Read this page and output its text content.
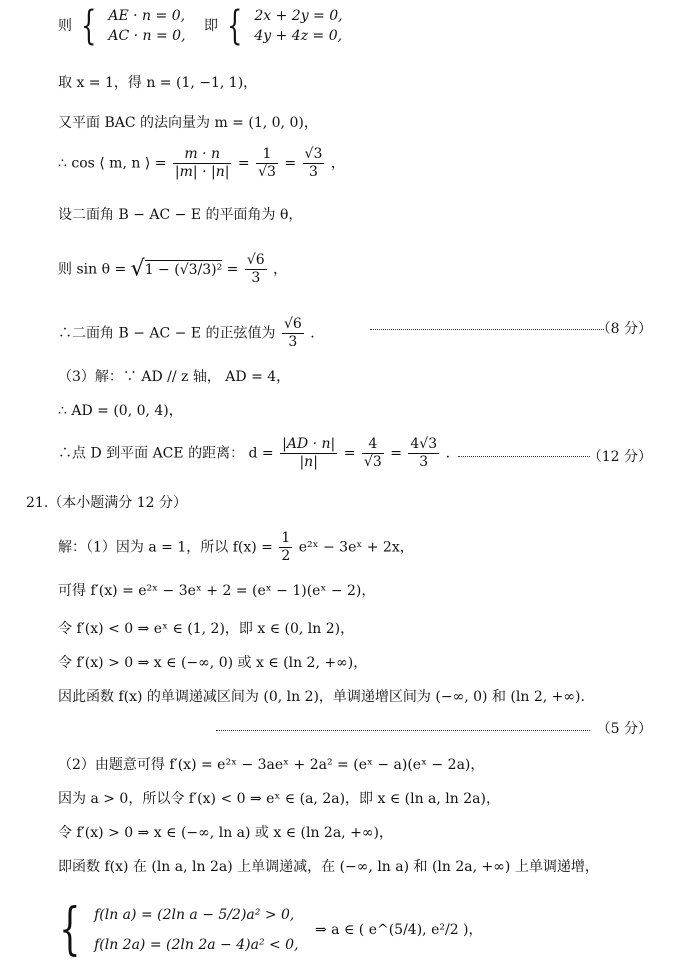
则 { AE · n = 0,
AC · n = 0,
即 { 2x + 2y = 0,
4y + 4z = 0,
取 x = 1，得 n = (1, −1, 1)，
又平面 BAC 的法向量为 m = (1, 0, 0)，
∴ cos ⟨ m, n ⟩ = $\frac{m \cdot n}{|m| \cdot |n|} = \frac{1}{√3} = \frac{√3}{3}$ ，
设二面角 B − AC − E 的平面角为 θ，
则 $\sin \theta = √1 - (√3/3)^2 = \frac{√6}{3}$ ，
∴二面角 B − AC − E 的正弦值为 $\frac{√6}{3}$ .	（8 分）
（3）解：∵ AD // z 轴， AD = 4，
∴ AD = (0, 0, 4)，
∴点 D 到平面 ACE 的距离： $d = \frac{|AD \cdot n|}{|n|} = \frac{4}{√3} = \frac{4√3}{3}$ .	（12 分）
21.（本小题满分 12 分）
解：（1）因为 a = 1，所以 $f(x) = \frac{1}{2}$ e²ˣ − 3eˣ + 2x，
可得 f′(x) = e²ˣ − 3eˣ + 2 = (eˣ − 1)(eˣ − 2)，
令 f′(x) < 0 ⇒ eˣ ∈ (1, 2)，即 x ∈ (0, ln 2)，
令 f′(x) > 0 ⇒ x ∈ (−∞, 0) 或 x ∈ (ln 2, +∞)，
因此函数 f(x) 的单调递减区间为 (0, ln 2)，单调递增区间为 (−∞, 0) 和 (ln 2, +∞).
（5 分）
（2）由题意可得 f′(x) = e²ˣ − 3aeˣ + 2a² = (eˣ − a)(eˣ − 2a)，
因为 a > 0，所以令 f′(x) < 0 ⇒ eˣ ∈ (a, 2a)，即 x ∈ (ln a, ln 2a)，
令 f′(x) > 0 ⇒ x ∈ (−∞, ln a) 或 x ∈ (ln 2a, +∞)，
即函数 f(x) 在 (ln a, ln 2a) 上单调递减，在 (−∞, ln a) 和 (ln 2a, +∞) 上单调递增，
{ f(ln a) = (2ln a − 5/2)a² > 0,
f(ln 2a) = (2ln 2a − 4)a² < 0,
⇒ a ∈ ( e^(5/4), e²/2 )，
